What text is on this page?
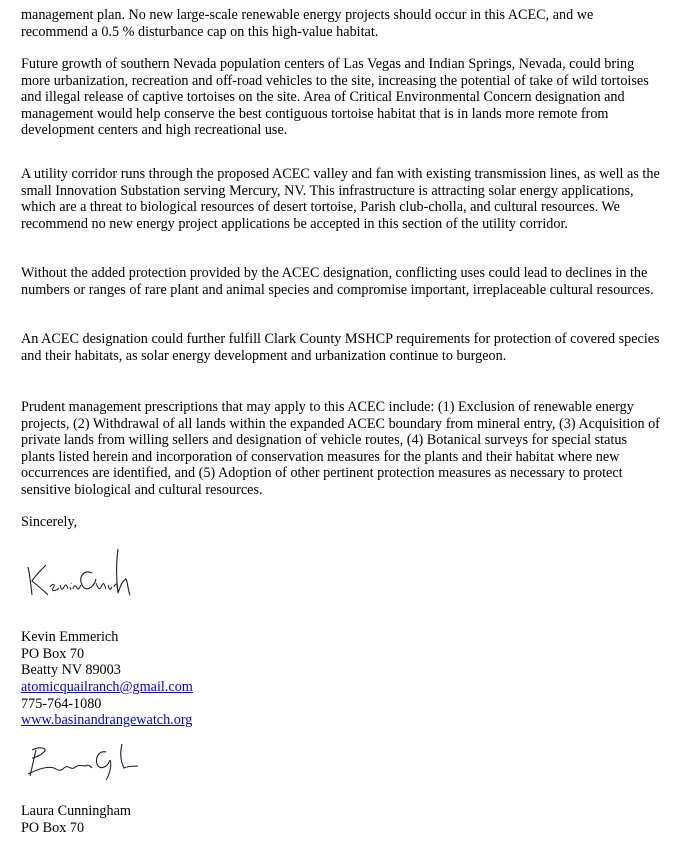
management plan. No new large-scale renewable energy projects should occur in this ACEC, and we recommend a 0.5 % disturbance cap on this high-value habitat.

Future growth of southern Nevada population centers of Las Vegas and Indian Springs, Nevada, could bring more urbanization, recreation and off-road vehicles to the site, increasing the potential of take of wild tortoises and illegal release of captive tortoises on the site. Area of Critical Environmental Concern designation and management would help conserve the best contiguous tortoise habitat that is in lands more remote from development centers and high recreational use.

A utility corridor runs through the proposed ACEC valley and fan with existing transmission lines, as well as the small Innovation Substation serving Mercury, NV. This infrastructure is attracting solar energy applications, which are a threat to biological resources of desert tortoise, Parish club-cholla, and cultural resources. We recommend no new energy project applications be accepted in this section of the utility corridor.

Without the added protection provided by the ACEC designation, conflicting uses could lead to declines in the numbers or ranges of rare plant and animal species and compromise important, irreplaceable cultural resources.

An ACEC designation could further fulfill Clark County MSHCP requirements for protection of covered species and their habitats, as solar energy development and urbanization continue to burgeon.

Prudent management prescriptions that may apply to this ACEC include: (1) Exclusion of renewable energy projects, (2) Withdrawal of all lands within the expanded ACEC boundary from mineral entry, (3) Acquisition of private lands from willing sellers and designation of vehicle routes, (4) Botanical surveys for special status plants listed herein and incorporation of conservation measures for the plants and their habitat where new occurrences are identified, and (5) Adoption of other pertinent protection measures as necessary to protect sensitive biological and cultural resources.

Sincerely,

Kevin Emmerich

PO Box 70

Beatty NV 89003

atomicquailranch@gmail.com

775-764-1080

www.basinandrangewatch.org

Laura Cunningham

PO Box 70
